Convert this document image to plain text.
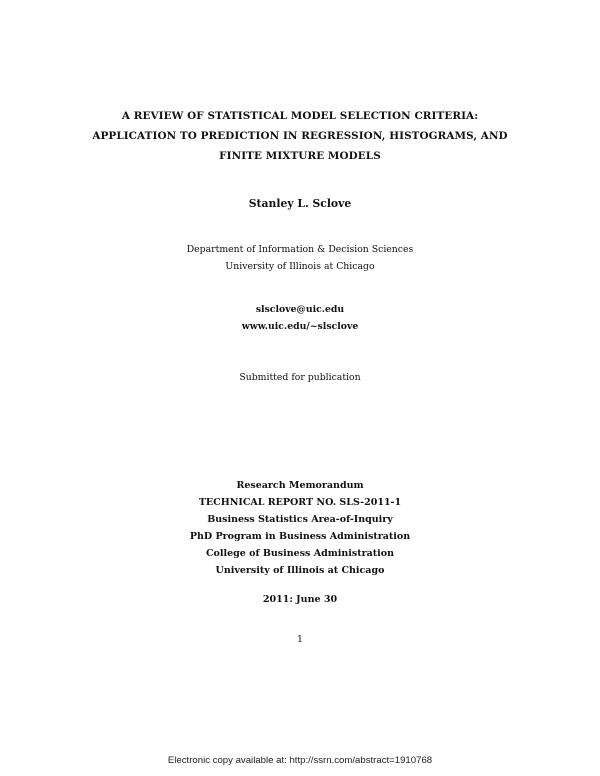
A REVIEW OF STATISTICAL MODEL SELECTION CRITERIA:
APPLICATION TO PREDICTION IN REGRESSION, HISTOGRAMS, AND
FINITE MIXTURE MODELS
Stanley L. Sclove
Department of Information & Decision Sciences
University of Illinois at Chicago
slsclove@uic.edu
www.uic.edu/~slsclove
Submitted for publication
Research Memorandum
TECHNICAL REPORT NO. SLS-2011-1
Business Statistics Area-of-Inquiry
PhD Program in Business Administration
College of Business Administration
University of Illinois at Chicago
2011: June 30
1
Electronic copy available at: http://ssrn.com/abstract=1910768
